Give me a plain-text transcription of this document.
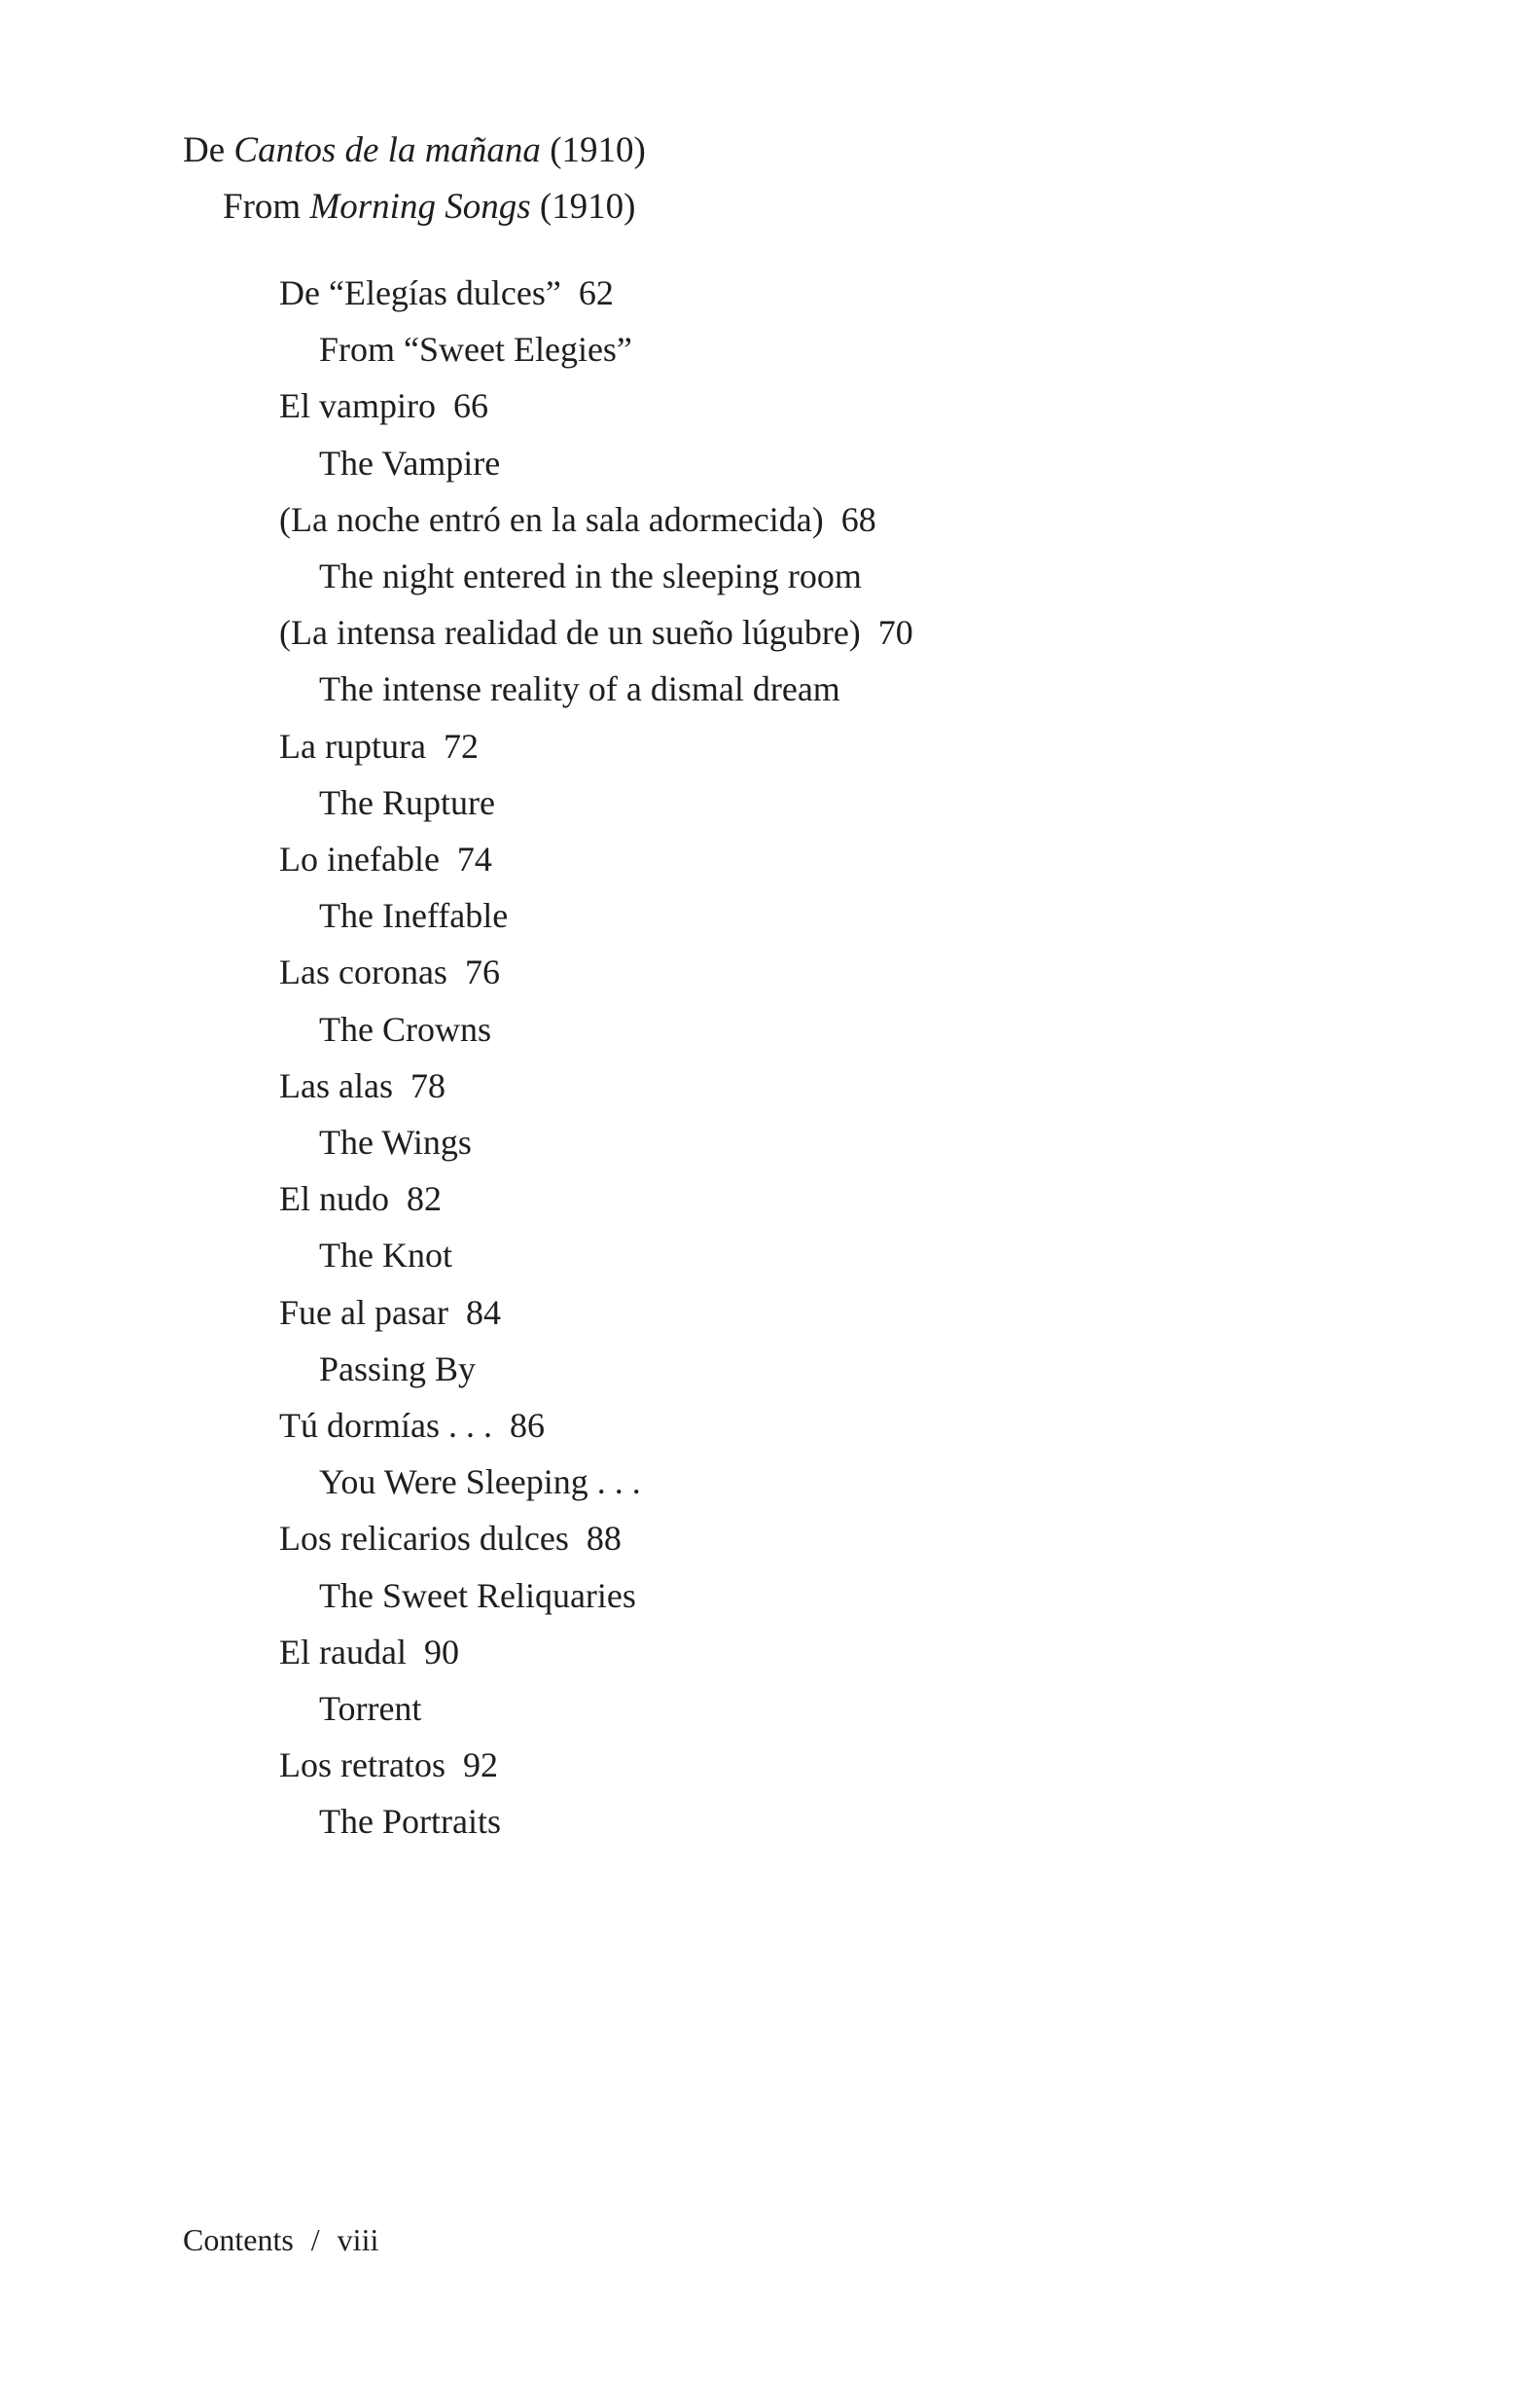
De Cantos de la mañana (1910)
From Morning Songs (1910)
De “Elegías dulces” 62
From “Sweet Elegies”
El vampiro 66
The Vampire
(La noche entró en la sala adormecida) 68
The night entered in the sleeping room
(La intensa realidad de un sueño lúgubre) 70
The intense reality of a dismal dream
La ruptura 72
The Rupture
Lo inefable 74
The Ineffable
Las coronas 76
The Crowns
Las alas 78
The Wings
El nudo 82
The Knot
Fue al pasar 84
Passing By
Tú dormías . . . 86
You Were Sleeping . . .
Los relicarios dulces 88
The Sweet Reliquaries
El raudal 90
Torrent
Los retratos 92
The Portraits
Contents / viii
